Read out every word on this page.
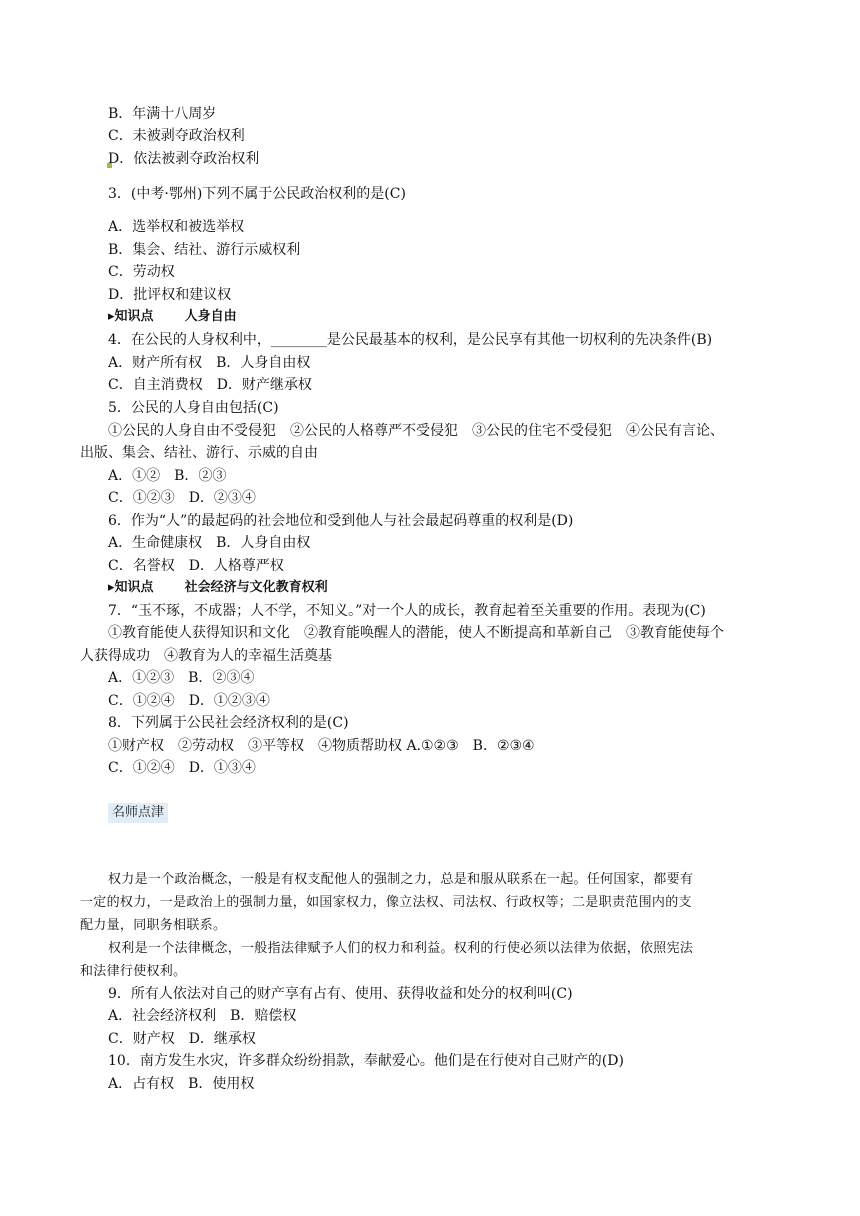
B．年满十八周岁
C．未被剥夺政治权利
D．依法被剥夺政治权利
3．(中考·鄂州)下列不属于公民政治权利的是(C)
A．选举权和被选举权
B．集会、结社、游行示威权利
C．劳动权
D．批评权和建议权
▸知识点 人身自由
4．在公民的人身权利中，________是公民最基本的权利，是公民享有其他一切权利的先决条件(B)
A．财产所有权　B．人身自由权
C．自主消费权　D．财产继承权
5．公民的人身自由包括(C)
①公民的人身自由不受侵犯　②公民的人格尊严不受侵犯　③公民的住宅不受侵犯　④公民有言论、
出版、集会、结社、游行、示威的自由
A．①②　B．②③
C．①②③　D．②③④
6．作为“人”的最起码的社会地位和受到他人与社会最起码尊重的权利是(D)
A．生命健康权　B．人身自由权
C．名誉权　D．人格尊严权
▸知识点 社会经济与文化教育权利
7．“玉不琢，不成器；人不学，不知义。”对一个人的成长，教育起着至关重要的作用。表现为(C)
①教育能使人获得知识和文化　②教育能唤醒人的潜能，使人不断提高和革新自己　③教育能使每个
人获得成功　④教育为人的幸福生活奠基
A．①②③　B．②③④
C．①②④　D．①②③④
8．下列属于公民社会经济权利的是(C)
①财产权　②劳动权　③平等权　④物质帮助权 A.①②③　B．②③④
C．①②④　D．①③④
名师点津
权力是一个政治概念，一般是有权支配他人的强制之力，总是和服从联系在一起。任何国家，都要有
一定的权力，一是政治上的强制力量，如国家权力，像立法权、司法权、行政权等；二是职责范围内的支
配力量，同职务相联系。
权利是一个法律概念，一般指法律赋予人们的权力和利益。权利的行使必须以法律为依据，依照宪法
和法律行使权利。
9．所有人依法对自己的财产享有占有、使用、获得收益和处分的权利叫(C)
A．社会经济权利　B．赔偿权
C．财产权　D．继承权
10．南方发生水灾，许多群众纷纷捐款，奉献爱心。他们是在行使对自己财产的(D)
A．占有权　B．使用权
